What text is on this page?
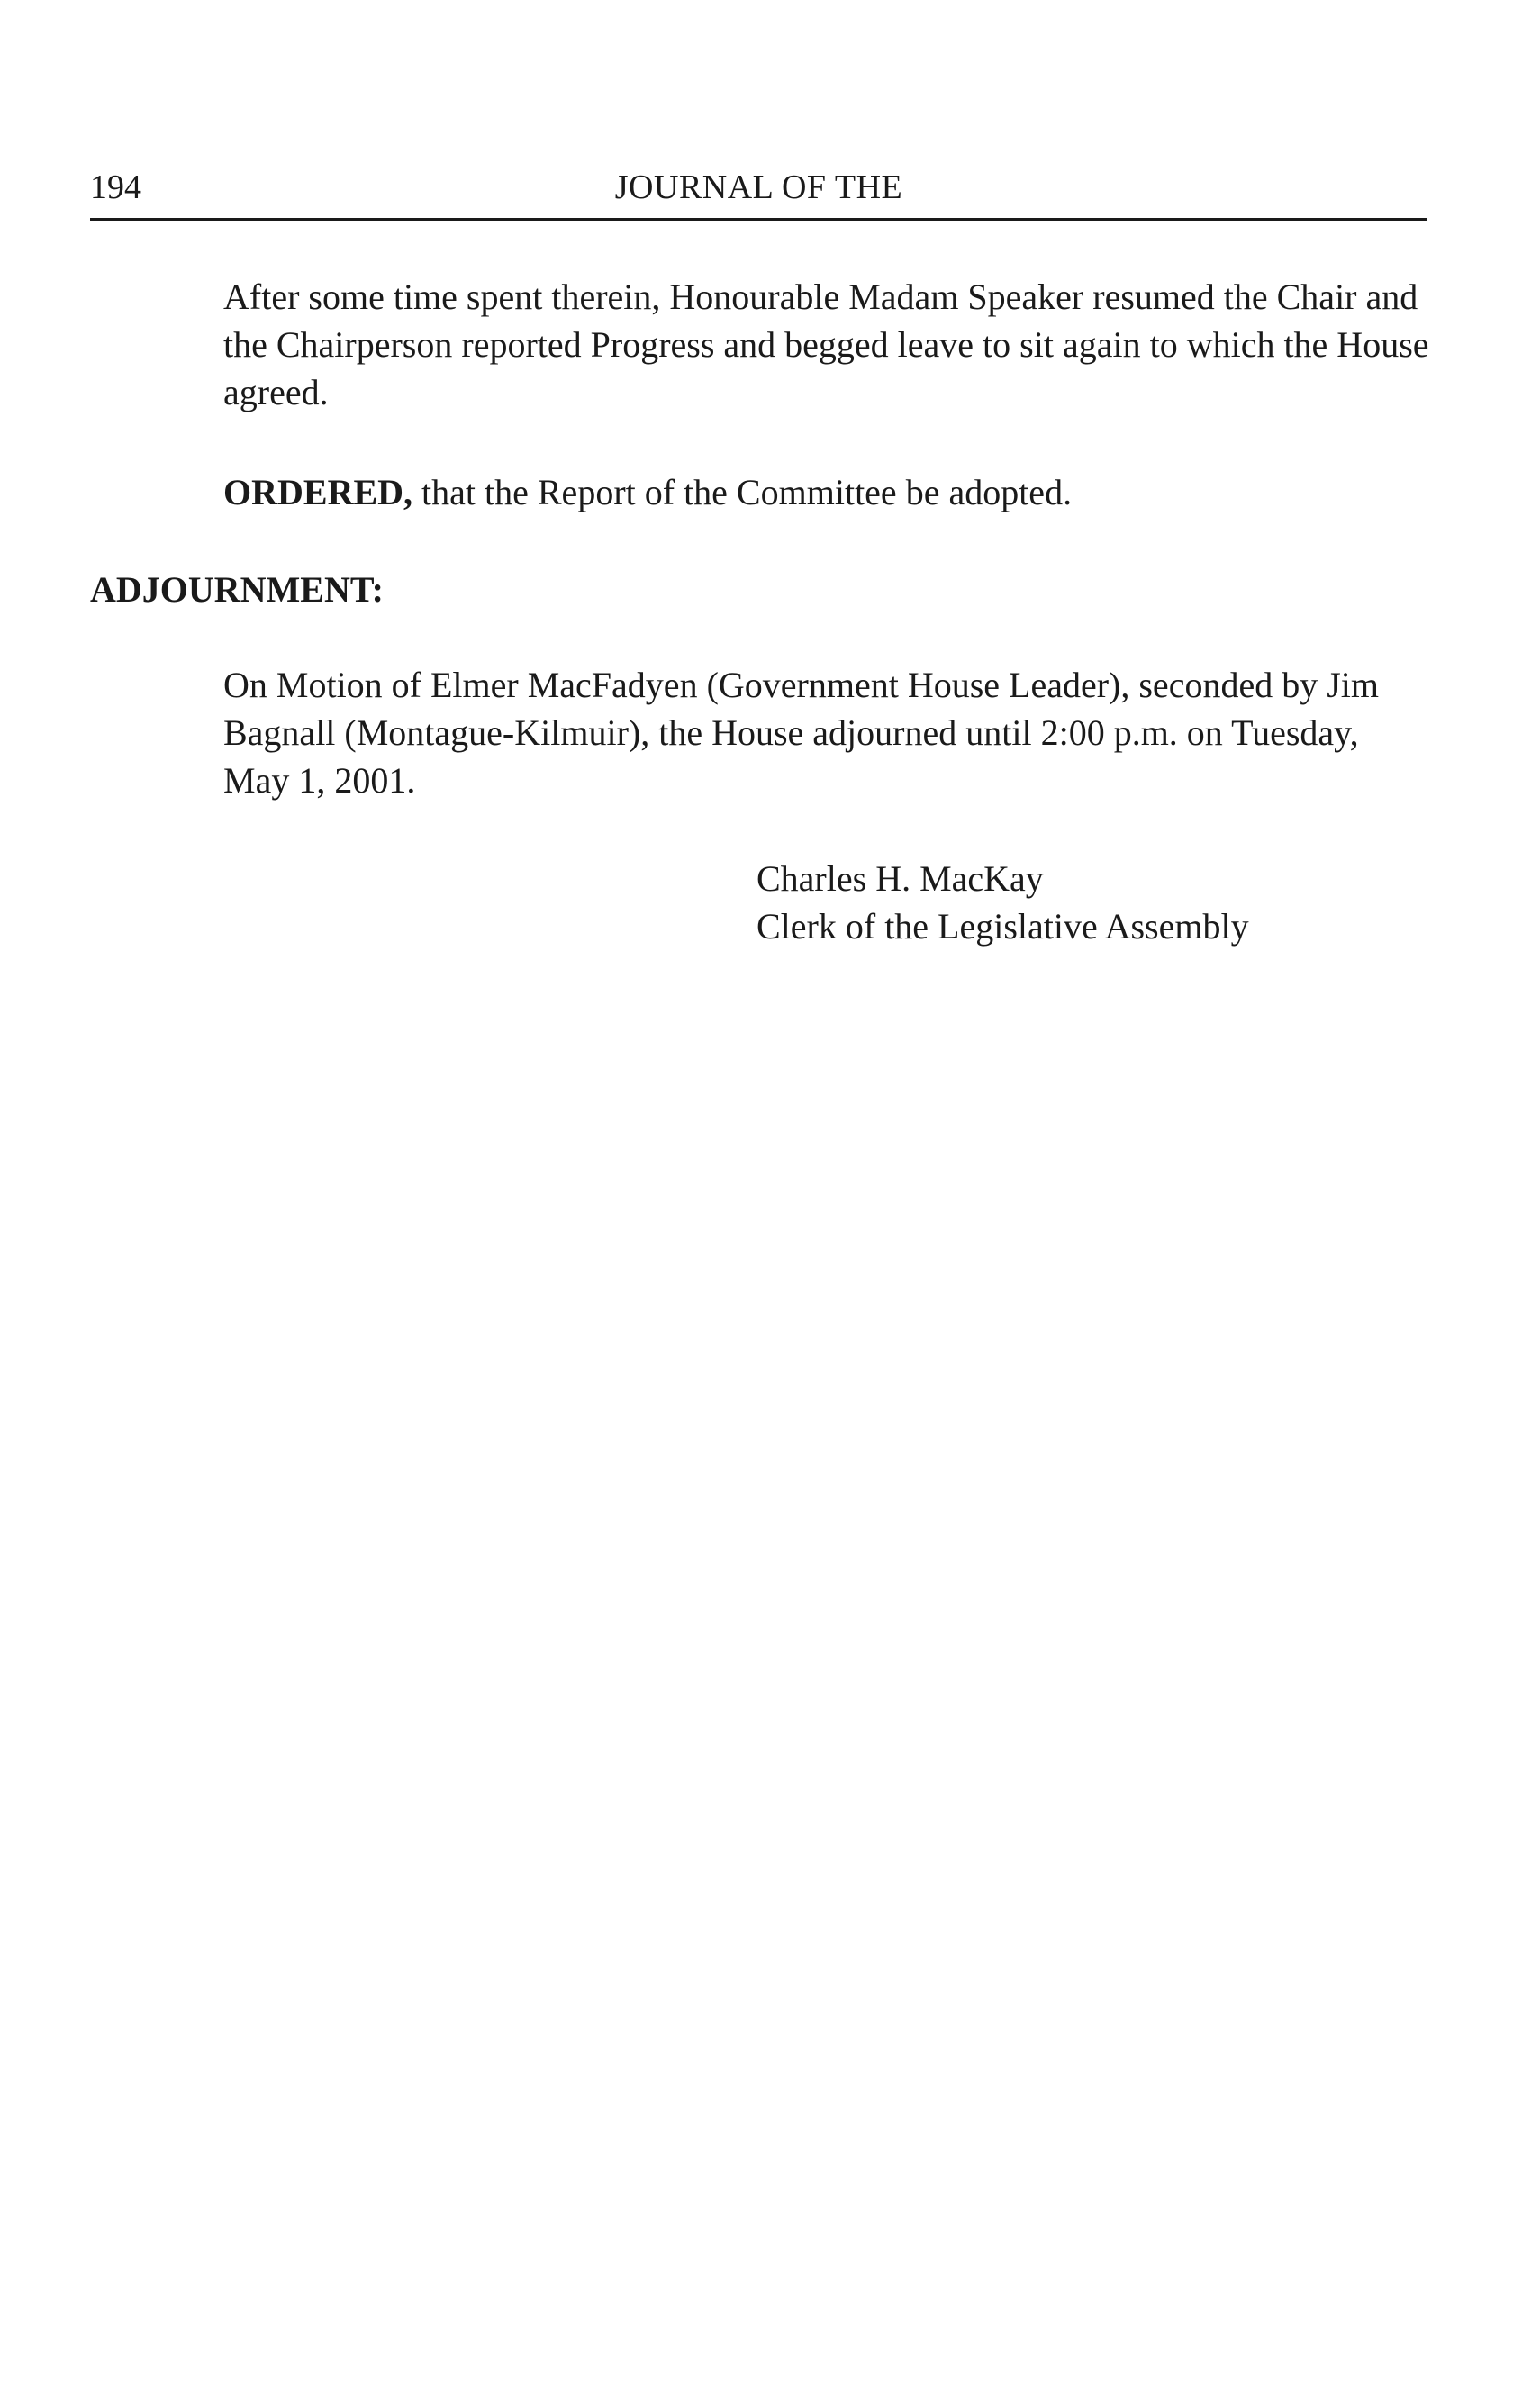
194	JOURNAL OF THE

After some time spent therein, Honourable Madam Speaker resumed the Chair and the Chairperson reported Progress and begged leave to sit again to which the House agreed.

ORDERED, that the Report of the Committee be adopted.

ADJOURNMENT:

On Motion of Elmer MacFadyen (Government House Leader), seconded by Jim Bagnall (Montague-Kilmuir), the House adjourned until 2:00 p.m. on Tuesday, May 1, 2001.

Charles H. MacKay
Clerk of the Legislative Assembly
